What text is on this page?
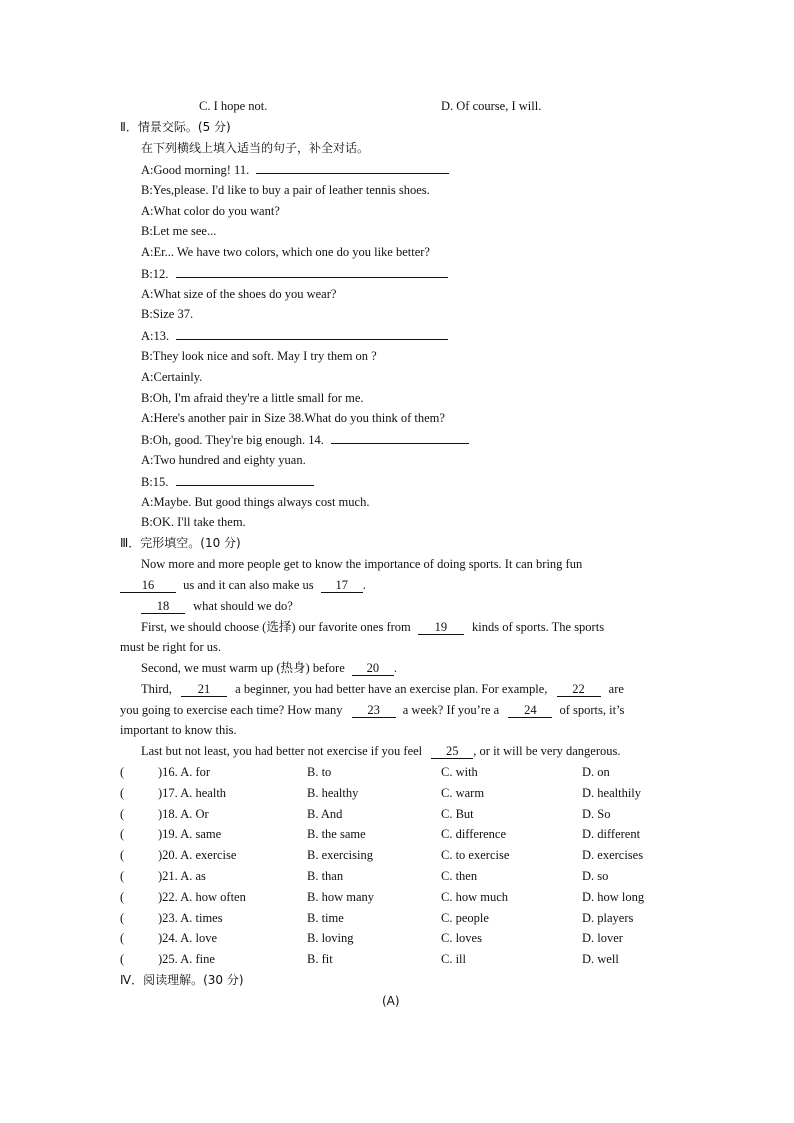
C. I hope not.	D. Of course, I will.
Ⅱ．情景交际。(5 分)
在下列横线上填入适当的句子，补全对话。
A:Good morning! 11.
B:Yes,please. I'd like to buy a pair of leather tennis shoes.
A:What color do you want?
B:Let me see...
A:Er... We have two colors, which one do you like better?
B:12.
A:What size of the shoes do you wear?
B:Size 37.
A:13.
B:They look nice and soft. May I try them on ?
A:Certainly.
B:Oh, I'm afraid they're a little small for me.
A:Here's another pair in Size 38.What do you think of them?
B:Oh, good. They're big enough. 14.
A:Two hundred and eighty yuan.
B:15.
A:Maybe. But good things always cost much.
B:OK. I'll take them.
Ⅲ．完形填空。(10 分)
Now more and more people get to know the importance of doing sports. It can bring fun
16 us and it can also make us 17 .
18 what should we do?
First, we should choose (选择) our favorite ones from 19 kinds of sports. The sports
must be right for us.
Second, we must warm up (热身) before 20 .
Third, 21 a beginner, you had better have an exercise plan. For example, 22 are
you going to exercise each time? How many 23 a week? If you’re a 24 of sports, it’s
important to know this.
Last but not least, you had better not exercise if you feel 25 , or it will be very dangerous.
(	)16. A. for	B. to	C. with	D. on
(	)17. A. health	B. healthy	C. warm	D. healthily
(	)18. A. Or	B. And	C. But	D. So
(	)19. A. same	B. the same	C. difference	D. different
(	)20. A. exercise	B. exercising	C. to exercise	D. exercises
(	)21. A. as	B. than	C. then	D. so
(	)22. A. how often	B. how many	C. how much	D. how long
(	)23. A. times	B. time	C. people	D. players
(	)24. A. love	B. loving	C. loves	D. lover
(	)25. A. fine	B. fit	C. ill	D. well
Ⅳ．阅读理解。(30 分)
(A)
